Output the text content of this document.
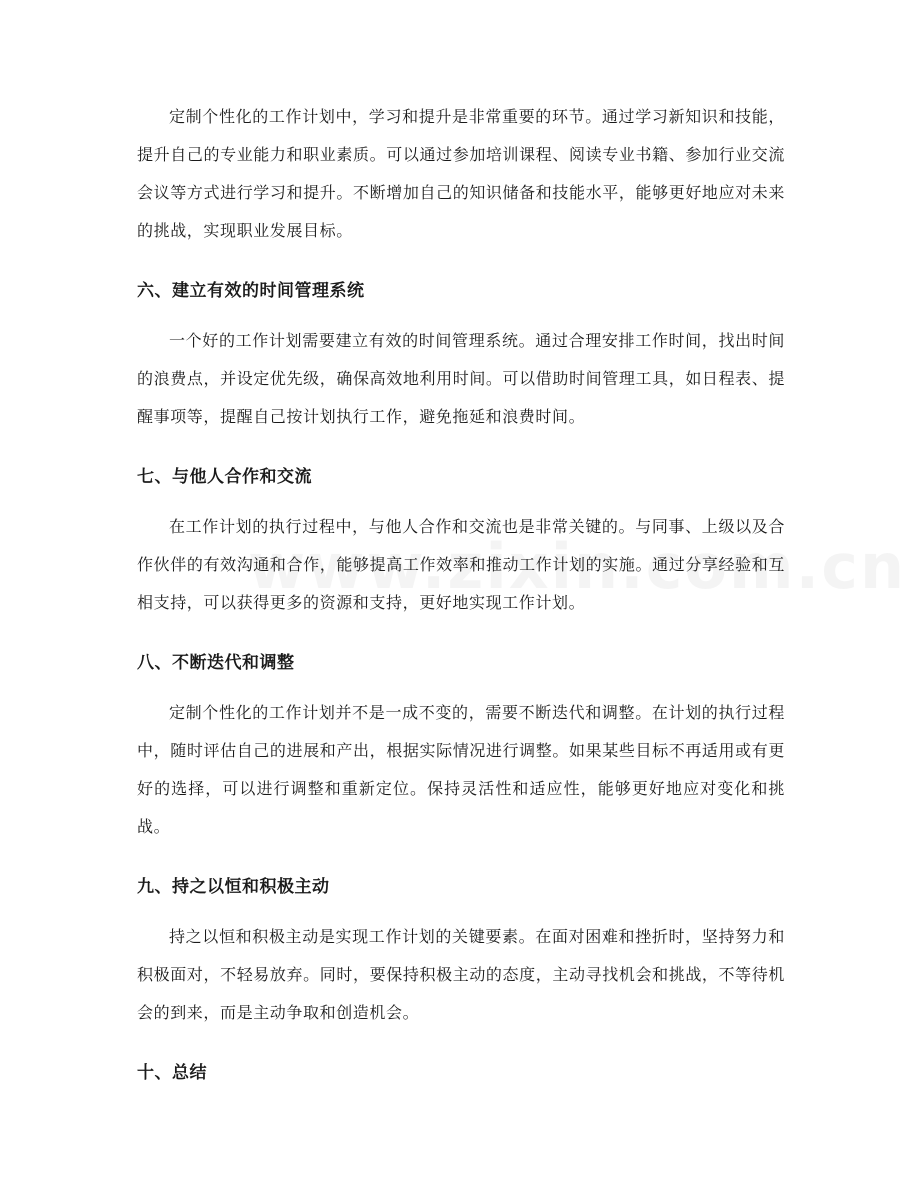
定制个性化的工作计划中，学习和提升是非常重要的环节。通过学习新知识和技能，提升自己的专业能力和职业素质。可以通过参加培训课程、阅读专业书籍、参加行业交流会议等方式进行学习和提升。不断增加自己的知识储备和技能水平，能够更好地应对未来的挑战，实现职业发展目标。

六、建立有效的时间管理系统

一个好的工作计划需要建立有效的时间管理系统。通过合理安排工作时间，找出时间的浪费点，并设定优先级，确保高效地利用时间。可以借助时间管理工具，如日程表、提醒事项等，提醒自己按计划执行工作，避免拖延和浪费时间。

七、与他人合作和交流

在工作计划的执行过程中，与他人合作和交流也是非常关键的。与同事、上级以及合作伙伴的有效沟通和合作，能够提高工作效率和推动工作计划的实施。通过分享经验和互相支持，可以获得更多的资源和支持，更好地实现工作计划。

八、不断迭代和调整

定制个性化的工作计划并不是一成不变的，需要不断迭代和调整。在计划的执行过程中，随时评估自己的进展和产出，根据实际情况进行调整。如果某些目标不再适用或有更好的选择，可以进行调整和重新定位。保持灵活性和适应性，能够更好地应对变化和挑战。

九、持之以恒和积极主动

持之以恒和积极主动是实现工作计划的关键要素。在面对困难和挫折时，坚持努力和积极面对，不轻易放弃。同时，要保持积极主动的态度，主动寻找机会和挑战，不等待机会的到来，而是主动争取和创造机会。

十、总结
